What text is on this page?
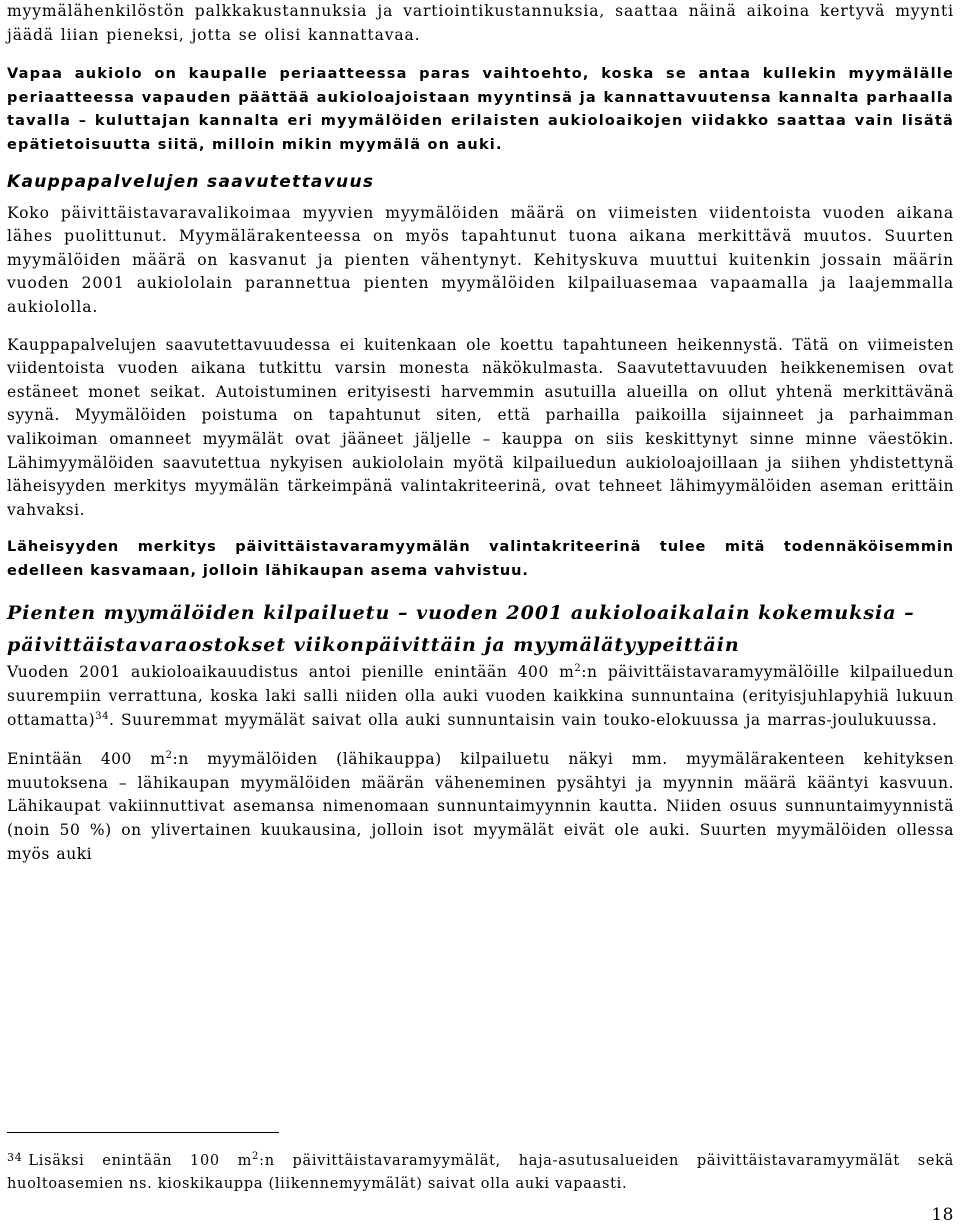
myymälähenkilöstön palkkakustannuksia ja vartiointikustannuksia, saattaa näinä aikoina kertyvä myynti jäädä liian pieneksi, jotta se olisi kannattavaa.

Vapaa aukiolo on kaupalle periaatteessa paras vaihtoehto, koska se antaa kullekin myymälälle periaatteessa vapauden päättää aukioloajoistaan myyntinsä ja kannattavuutensa kannalta parhaalla tavalla – kuluttajan kannalta eri myymälöiden erilaisten aukioloaikojen viidakko saattaa vain lisätä epätietoisuutta siitä, milloin mikin myymälä on auki.

Kauppapalvelujen saavutettavuus

Koko päivittäistavaravalikoimaa myyvien myymälöiden määrä on viimeisten viidentoista vuoden aikana lähes puolittunut. Myymälärakenteessa on myös tapahtunut tuona aikana merkittävä muutos. Suurten myymälöiden määrä on kasvanut ja pienten vähentynyt. Kehityskuva muuttui kuitenkin jossain määrin vuoden 2001 aukiololain parannettua pienten myymälöiden kilpailuasemaa vapaamalla ja laajemmalla aukiololla.

Kauppapalvelujen saavutettavuudessa ei kuitenkaan ole koettu tapahtuneen heikennystä. Tätä on viimeisten viidentoista vuoden aikana tutkittu varsin monesta näkökulmasta. Saavutettavuuden heikkenemisen ovat estäneet monet seikat. Autoistuminen erityisesti harvemmin asutuilla alueilla on ollut yhtenä merkittävänä syynä. Myymälöiden poistuma on tapahtunut siten, että parhailla paikoilla sijainneet ja parhaimman valikoiman omanneet myymälät ovat jääneet jäljelle – kauppa on siis keskittynyt sinne minne väestökin. Lähimyymälöiden saavutettua nykyisen aukiololain myötä kilpailuedun aukioloajoillaan ja siihen yhdistettynä läheisyyden merkitys myymälän tärkeimpänä valintakriteerinä, ovat tehneet lähimyymälöiden aseman erittäin vahvaksi.

Läheisyyden merkitys päivittäistavaramyymälän valintakriteerinä tulee mitä todennäköisemmin edelleen kasvamaan, jolloin lähikaupan asema vahvistuu.

Pienten myymälöiden kilpailuetu – vuoden 2001 aukioloaikalain kokemuksia –
päivittäistavaraostokset viikonpäivittäin ja myymälätyypeittäin

Vuoden 2001 aukioloaikauudistus antoi pienille enintään 400 $m^2:n$ päivittäistavaramyymälöille kilpailuedun suurempiin verrattuna, koska laki salli niiden olla auki vuoden kaikkina sunnuntaina (erityisjuhlapyhiä lukuun ottamatta)$^{34}$. Suuremmat myymälät saivat olla auki sunnuntaisin vain touko-elokuussa ja marras-joulukuussa.

Enintään 400 $m^2:n$ myymälöiden (lähikauppa) kilpailuetu näkyi mm. myymälärakenteen kehityksen muutoksena – lähikaupan myymälöiden määrän väheneminen pysähtyi ja myynnin määrä kääntyi kasvuun. Lähikaupat vakiinnuttivat asemansa nimenomaan sunnuntaimyynnin kautta. Niiden osuus sunnuntaimyynnistä (noin 50 %) on ylivertainen kuukausina, jolloin isot myymälät eivät ole auki. Suurten myymälöiden ollessa myös auki

$^{34}$ Lisäksi enintään 100 $m^2:n$ päivittäistavaramyymälät, haja-asutusalueiden päivittäistavaramyymälät sekä huoltoasemien ns. kioskikauppa (liikennemyymälät) saivat olla auki vapaasti.

18
